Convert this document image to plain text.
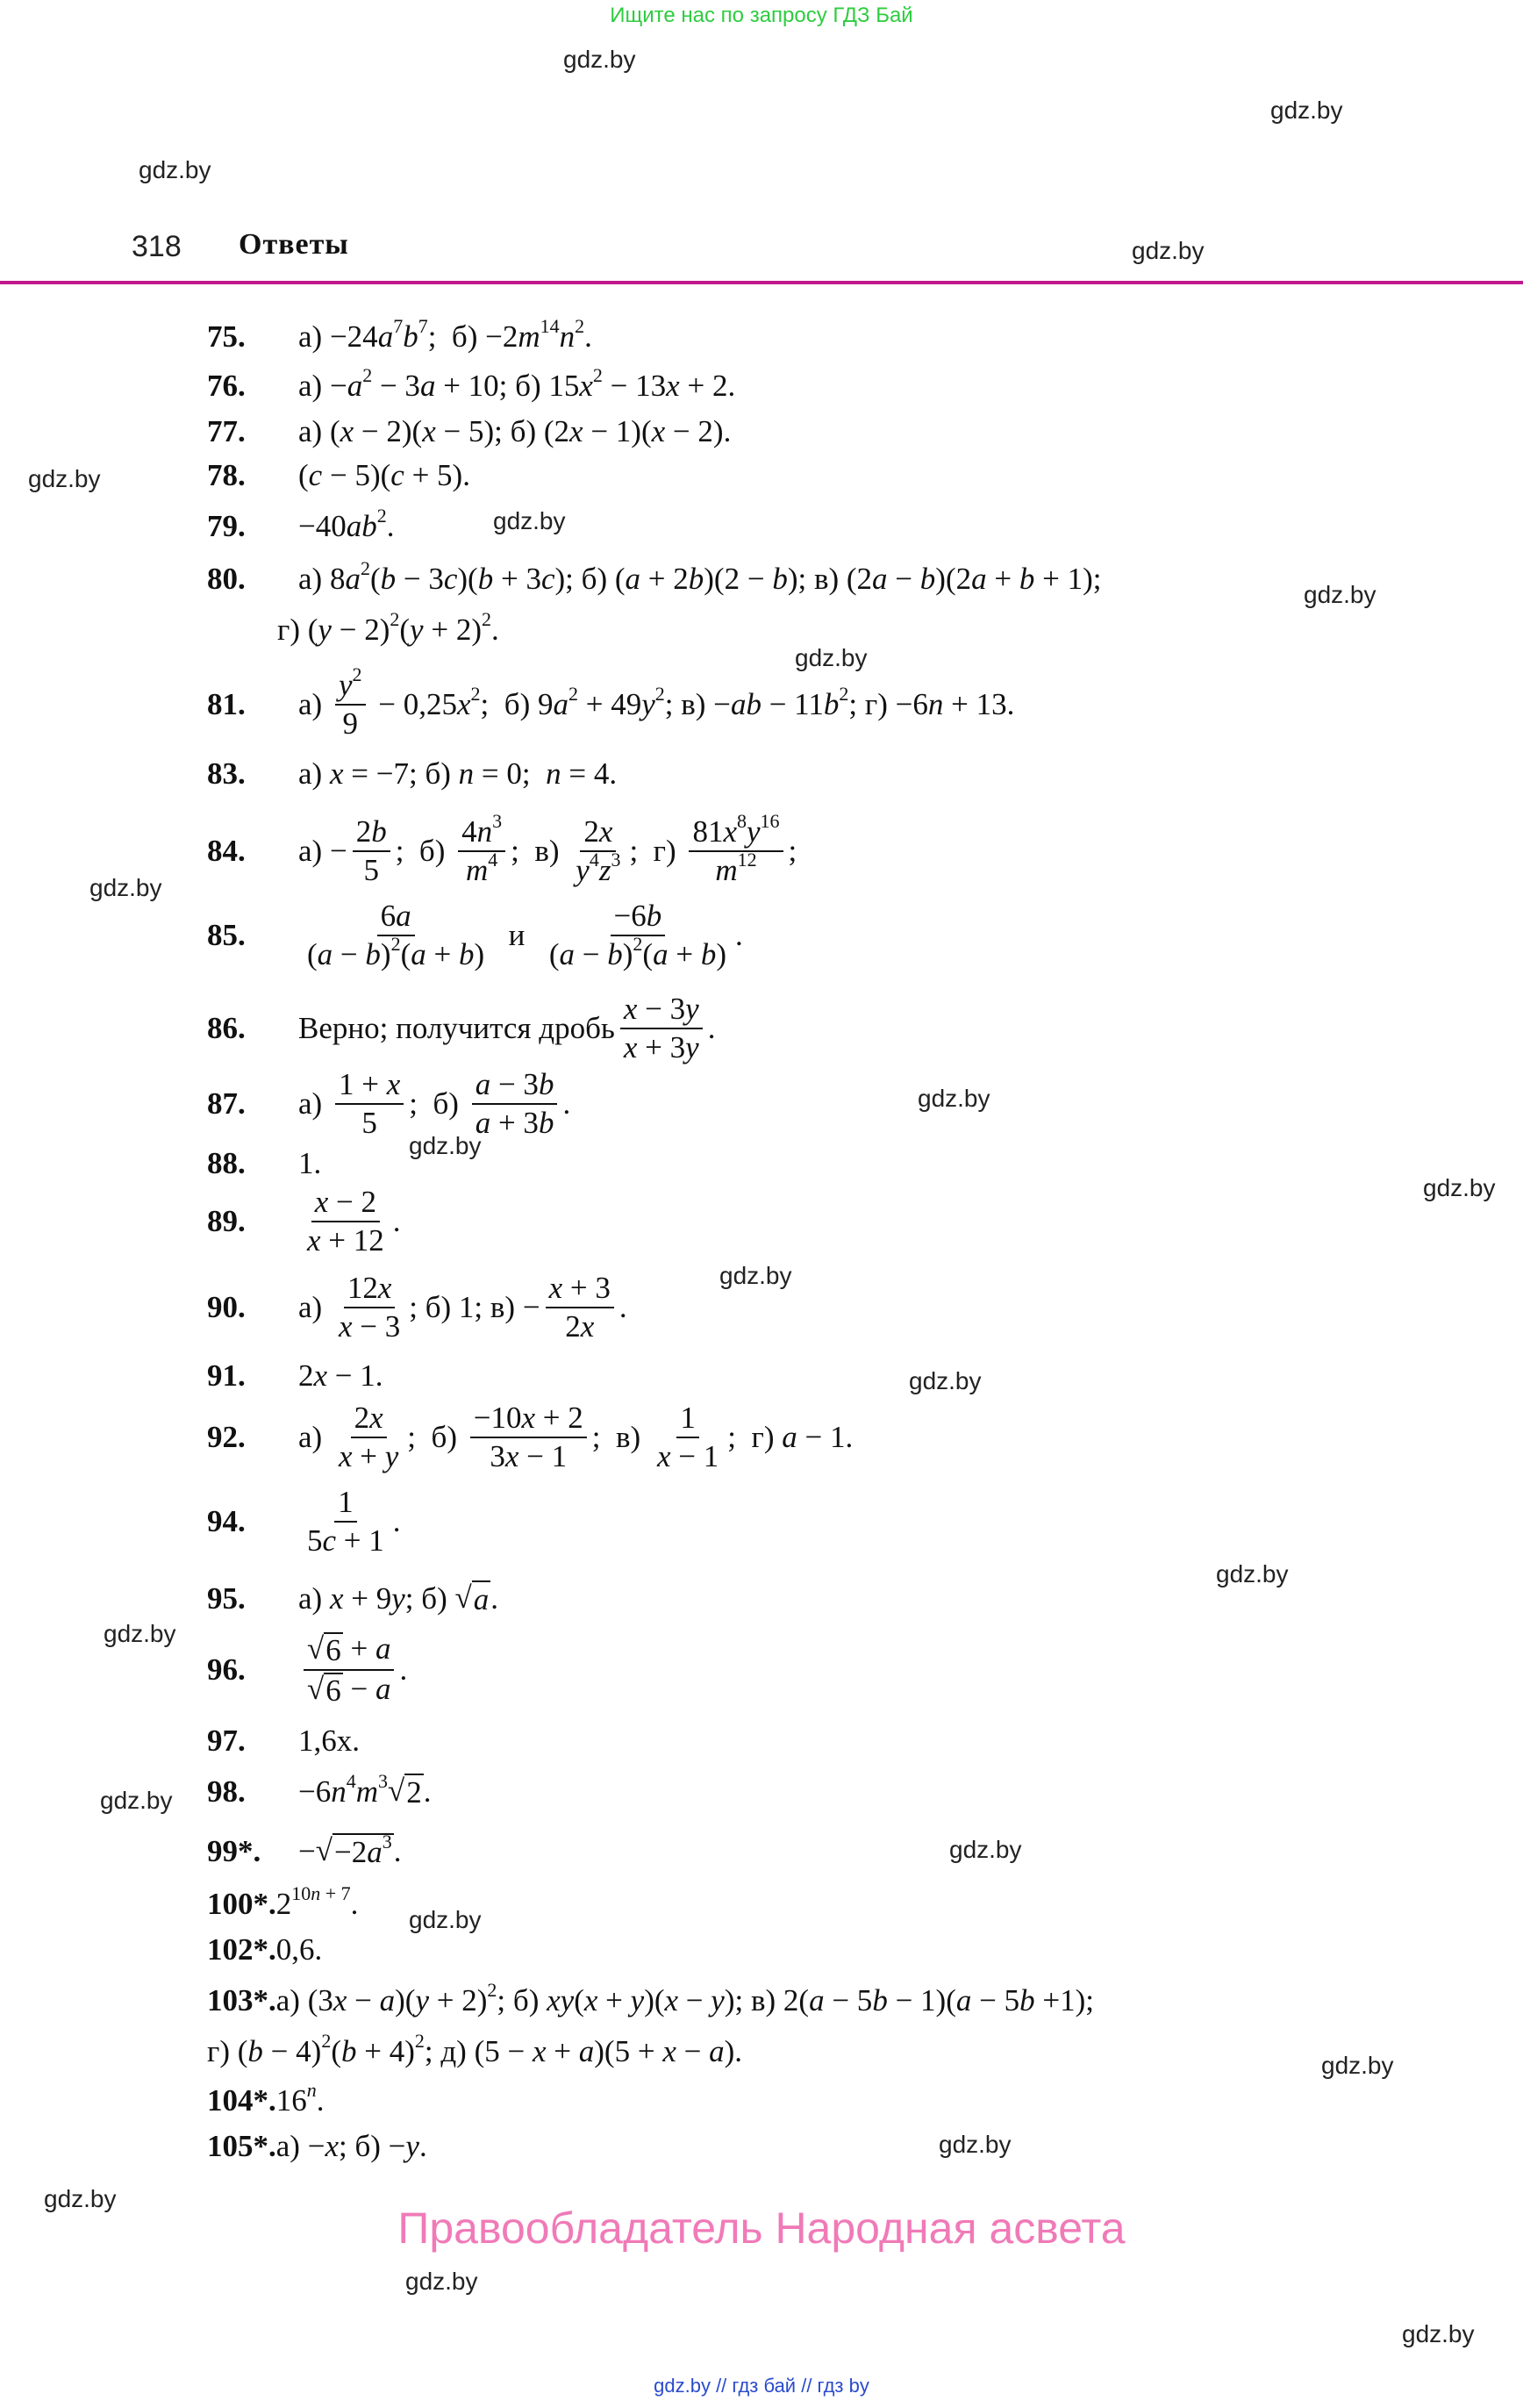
Ищите нас по запросу ГДЗ Бай
gdz.by
gdz.by
gdz.by
gdz.by
gdz.by
gdz.by
gdz.by
gdz.by
gdz.by
gdz.by
gdz.by
gdz.by
gdz.by
gdz.by
gdz.by
gdz.by
gdz.by
gdz.by
gdz.by
gdz.by
gdz.by
gdz.by
gdz.by
gdz.by
318 Ответы
75.	$а) -24a^7b^7$;  $б) -2m^{14}n^2$.
76.	$а) -a^2 - 3a + 10$; б) $15x^2 - 13x + 2$.
77.	а) (x − 2)(x − 5); б) (2x − 1)(x − 2).
78.	(c − 5)(c + 5).
79.	$-40ab^2$.
80.	а) $8a^2(b - 3c)(b + 3c)$; б) (a + 2b)(2 − b); в) (2a − b)(2a + b + 1);
г) $(y - 2)^2(y + 2)^2$.
81.	$а) \frac{y^2}{9} - 0,25x^2$;  б) $9a^2 + 49y^2$; $в) -ab - 11b^2$; г) −6n + 13.
83.	а) x = −7; б) n = 0;  n = 4.
84.	$а) - \frac{2b}{5}$ ;  $б) \frac{4n^3}{m^4}$ ;  $в) \frac{2x}{y^4z^3}$ ;  $г) \frac{81x^8y^{16}}{m^{12}}$ ;
85.	$\frac{6a}{(a - b)^2(a + b)}$ и $\frac{-6b}{(a - b)^2(a + b)}$ .
86.	Верно; получится дробь $\frac{x - 3y}{x + 3y}$ .
87.	$а) \frac{1 + x}{5}$ ;  $б) \frac{a - 3b}{a + 3b}$ .
88.	1.
89.	$\frac{x - 2}{x + 12}$ .
90.	$а) \frac{12x}{x - 3}$ ; б) 1; $в) - \frac{x + 3}{2x}$ .
91.	2x − 1.
92.	$а) \frac{2x}{x + y}$ ;  $б) \frac{-10x + 2}{3x - 1}$ ;  $в) \frac{1}{x - 1}$ ;  г) a − 1.
94.	$\frac{1}{5c + 1}$ .
95.	а) x + 9y; б) √ a .
96.	$\frac{√ 6 + a}{√ 6 - a}$ .
97.	1,6x.
98.	$-6n^4m^3$ √ 2 .
99*.	− √ $-2a^3$ .
100*. $2^{10n + 7}$.
102*. 0,6.
103*. а) $(3x - a)(y + 2)^2$; б) xy(x + y)(x − y); в) 2(a − 5b − 1)(a − 5b +1);
г) $(b - 4)^2(b + 4)^2$; д) (5 − x + a)(5 + x − a).
104*. 16$^n$.
105*. а) −x; б) −y.
Правообладатель Народная асвета
gdz.by // гдз бай // гдз by
